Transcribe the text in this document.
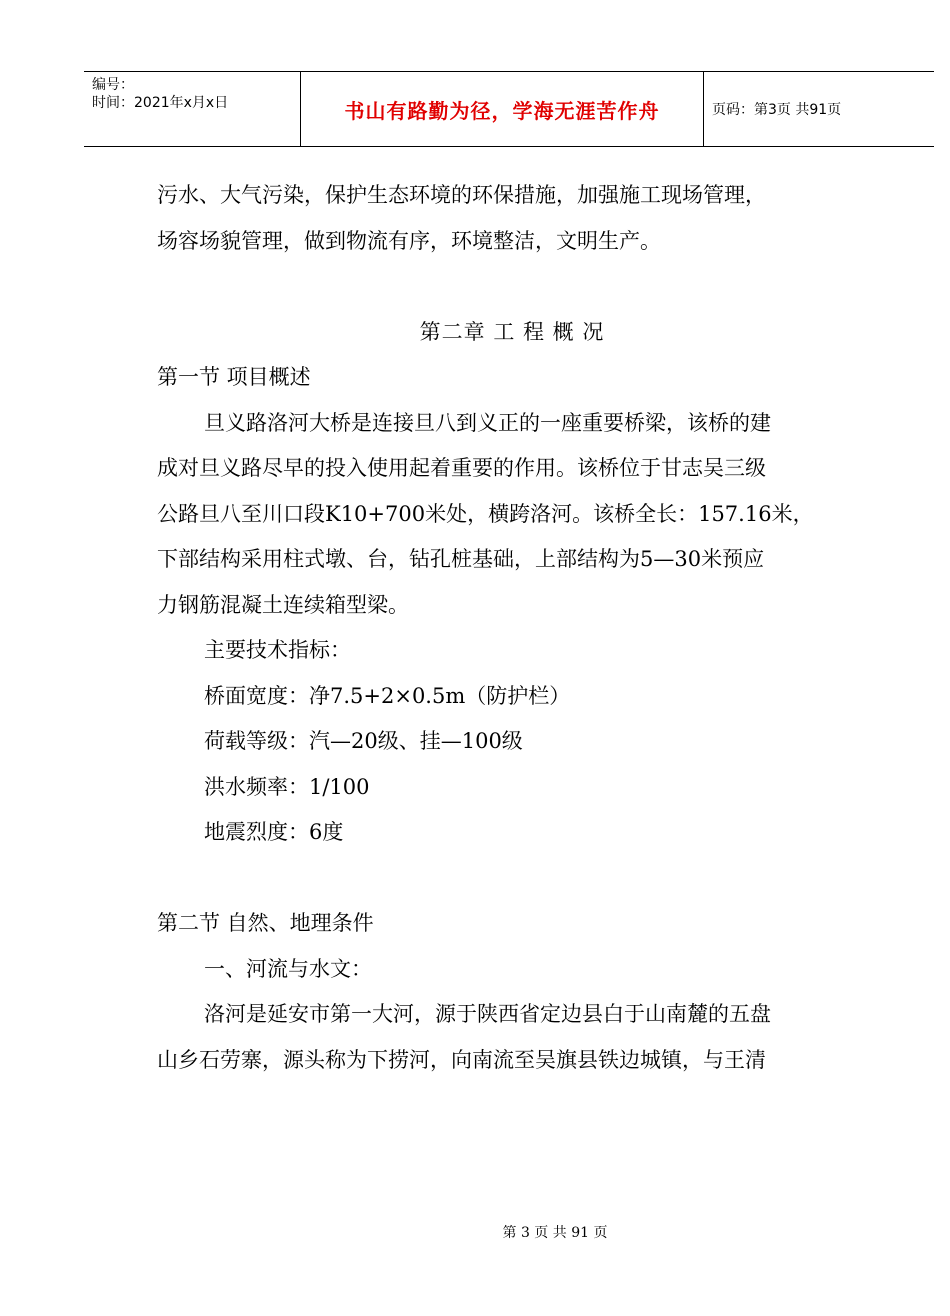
编号：
时间：2021年x月x日	书山有路勤为径，学海无涯苦作舟	页码：第3页 共91页
污水、大气污染，保护生态环境的环保措施，加强施工现场管理，
场容场貌管理，做到物流有序，环境整洁，文明生产。
第二章 工 程 概 况
第一节 项目概述
旦义路洛河大桥是连接旦八到义正的一座重要桥梁，该桥的建
成对旦义路尽早的投入使用起着重要的作用。该桥位于甘志吴三级
公路旦八至川口段K10+700米处，横跨洛河。该桥全长：157.16米，
下部结构采用柱式墩、台，钻孔桩基础，上部结构为5—30米预应
力钢筋混凝土连续箱型梁。
主要技术指标：
桥面宽度：净7.5+2×0.5m（防护栏）
荷载等级：汽—20级、挂—100级
洪水频率：1/100
地震烈度：6度
第二节 自然、地理条件
一、河流与水文：
洛河是延安市第一大河，源于陕西省定边县白于山南麓的五盘
山乡石劳寨，源头称为下捞河，向南流至吴旗县铁边城镇，与王清
第 3 页 共 91 页
